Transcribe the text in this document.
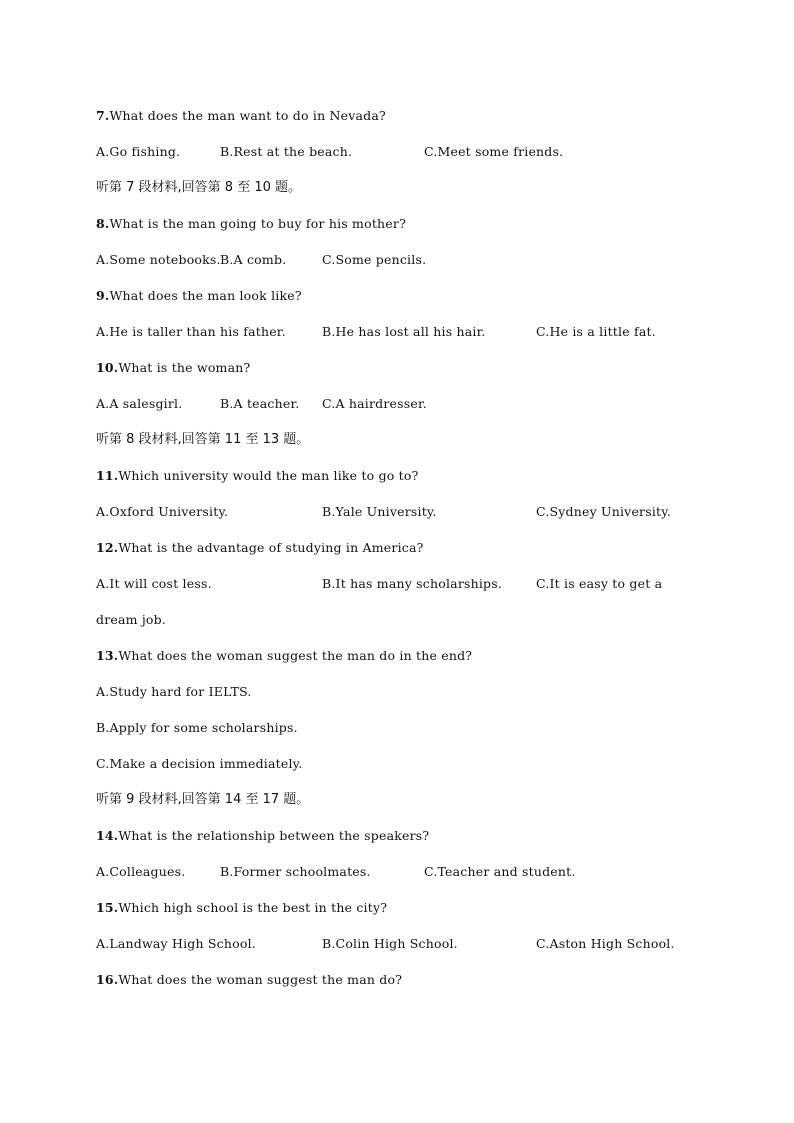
7.What does the man want to do in Nevada?
A.Go fishing.	B.Rest at the beach.	C.Meet some friends.
听第 7 段材料,回答第 8 至 10 题。
8.What is the man going to buy for his mother?
A.Some notebooks. B.A comb.	C.Some pencils.
9.What does the man look like?
A.He is taller than his father.	B.He has lost all his hair.	C.He is a little fat.
10.What is the woman?
A.A salesgirl.	B.A teacher. C.A hairdresser.
听第 8 段材料,回答第 11 至 13 题。
11.Which university would the man like to go to?
A.Oxford University.	B.Yale University.	C.Sydney University.
12.What is the advantage of studying in America?
A.It will cost less.	B.It has many scholarships.	C.It is easy to get a
dream job.
13.What does the woman suggest the man do in the end?
A.Study hard for IELTS.
B.Apply for some scholarships.
C.Make a decision immediately.
听第 9 段材料,回答第 14 至 17 题。
14.What is the relationship between the speakers?
A.Colleagues.	B.Former schoolmates.	C.Teacher and student.
15.Which high school is the best in the city?
A.Landway High School.	B.Colin High School.	C.Aston High School.
16.What does the woman suggest the man do?
